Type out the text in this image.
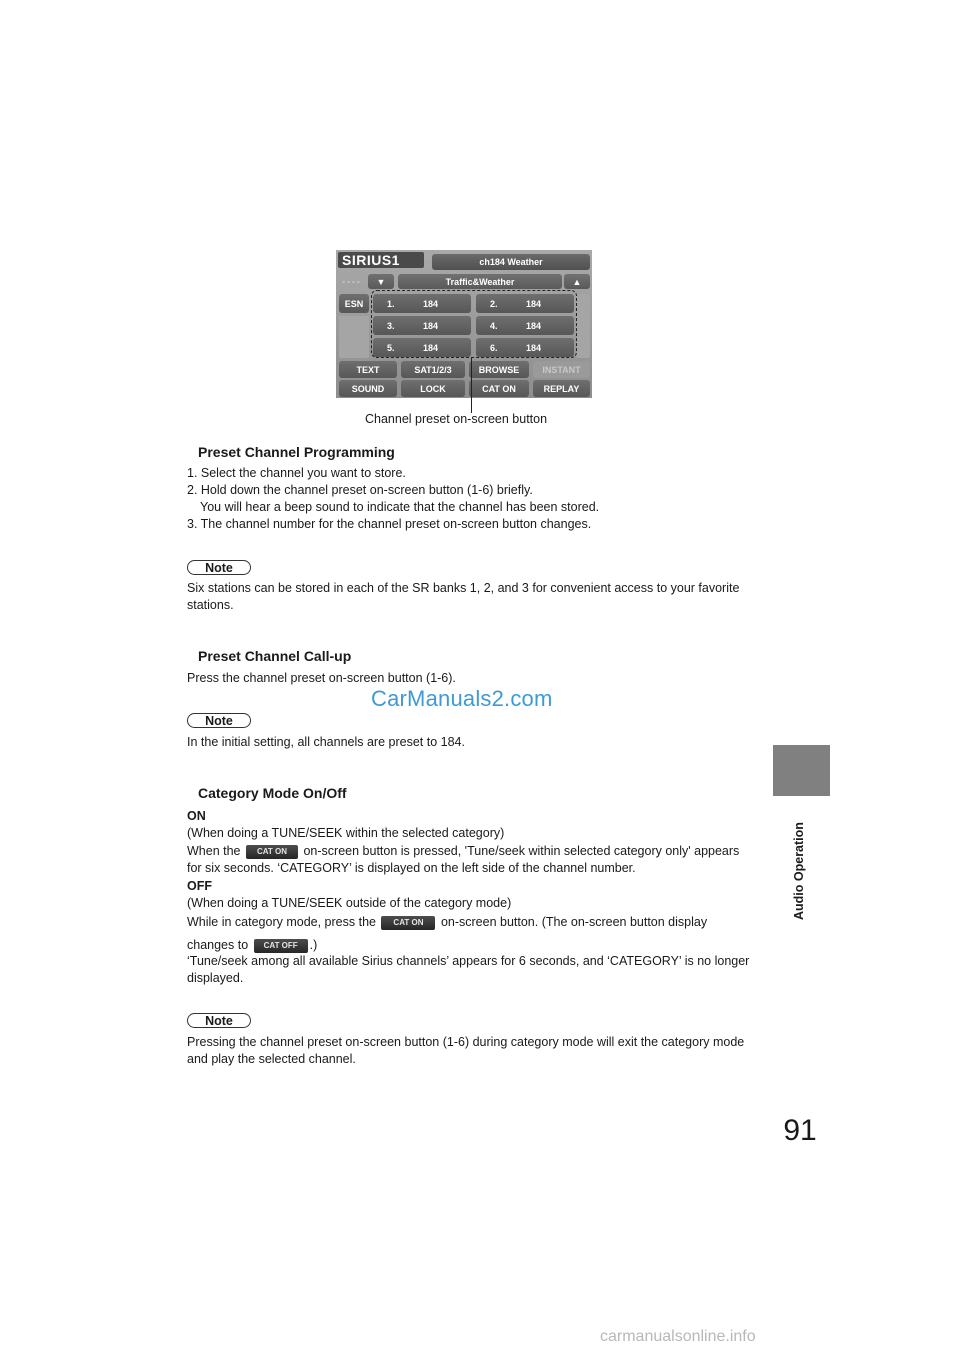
SIRIUS1	ch184 Weather
- - - -	▼	Traffic&Weather	▲
ESN	1.	184	2.	184
3.	184	4.	184
5.	184	6.	184
TEXT	SAT1/2/3	BROWSE	INSTANT
SOUND	LOCK	CAT ON	REPLAY
Channel preset on-screen button
Preset Channel Programming
1. Select the channel you want to store.
2. Hold down the channel preset on-screen button (1-6) briefly.
You will hear a beep sound to indicate that the channel has been stored.
3. The channel number for the channel preset on-screen button changes.
Note
Six stations can be stored in each of the SR banks 1, 2, and 3 for convenient access to your favorite stations.
Preset Channel Call-up
Press the channel preset on-screen button (1-6).
CarManuals2.com
Note
In the initial setting, all channels are preset to 184.
Category Mode On/Off
ON
(When doing a TUNE/SEEK within the selected category)
When the CAT ON on-screen button is pressed, 'Tune/seek within selected category only' appears for six seconds. ‘CATEGORY’ is displayed on the left side of the channel number.
OFF
(When doing a TUNE/SEEK outside of the category mode)
While in category mode, press the CAT ON on-screen button. (The on-screen button display
changes to CAT OFF .)
‘Tune/seek among all available Sirius channels’ appears for 6 seconds, and ‘CATEGORY’ is no longer displayed.
Note
Pressing the channel preset on-screen button (1-6) during category mode will exit the category mode and play the selected channel.
Audio Operation
91
carmanualsonline.info
